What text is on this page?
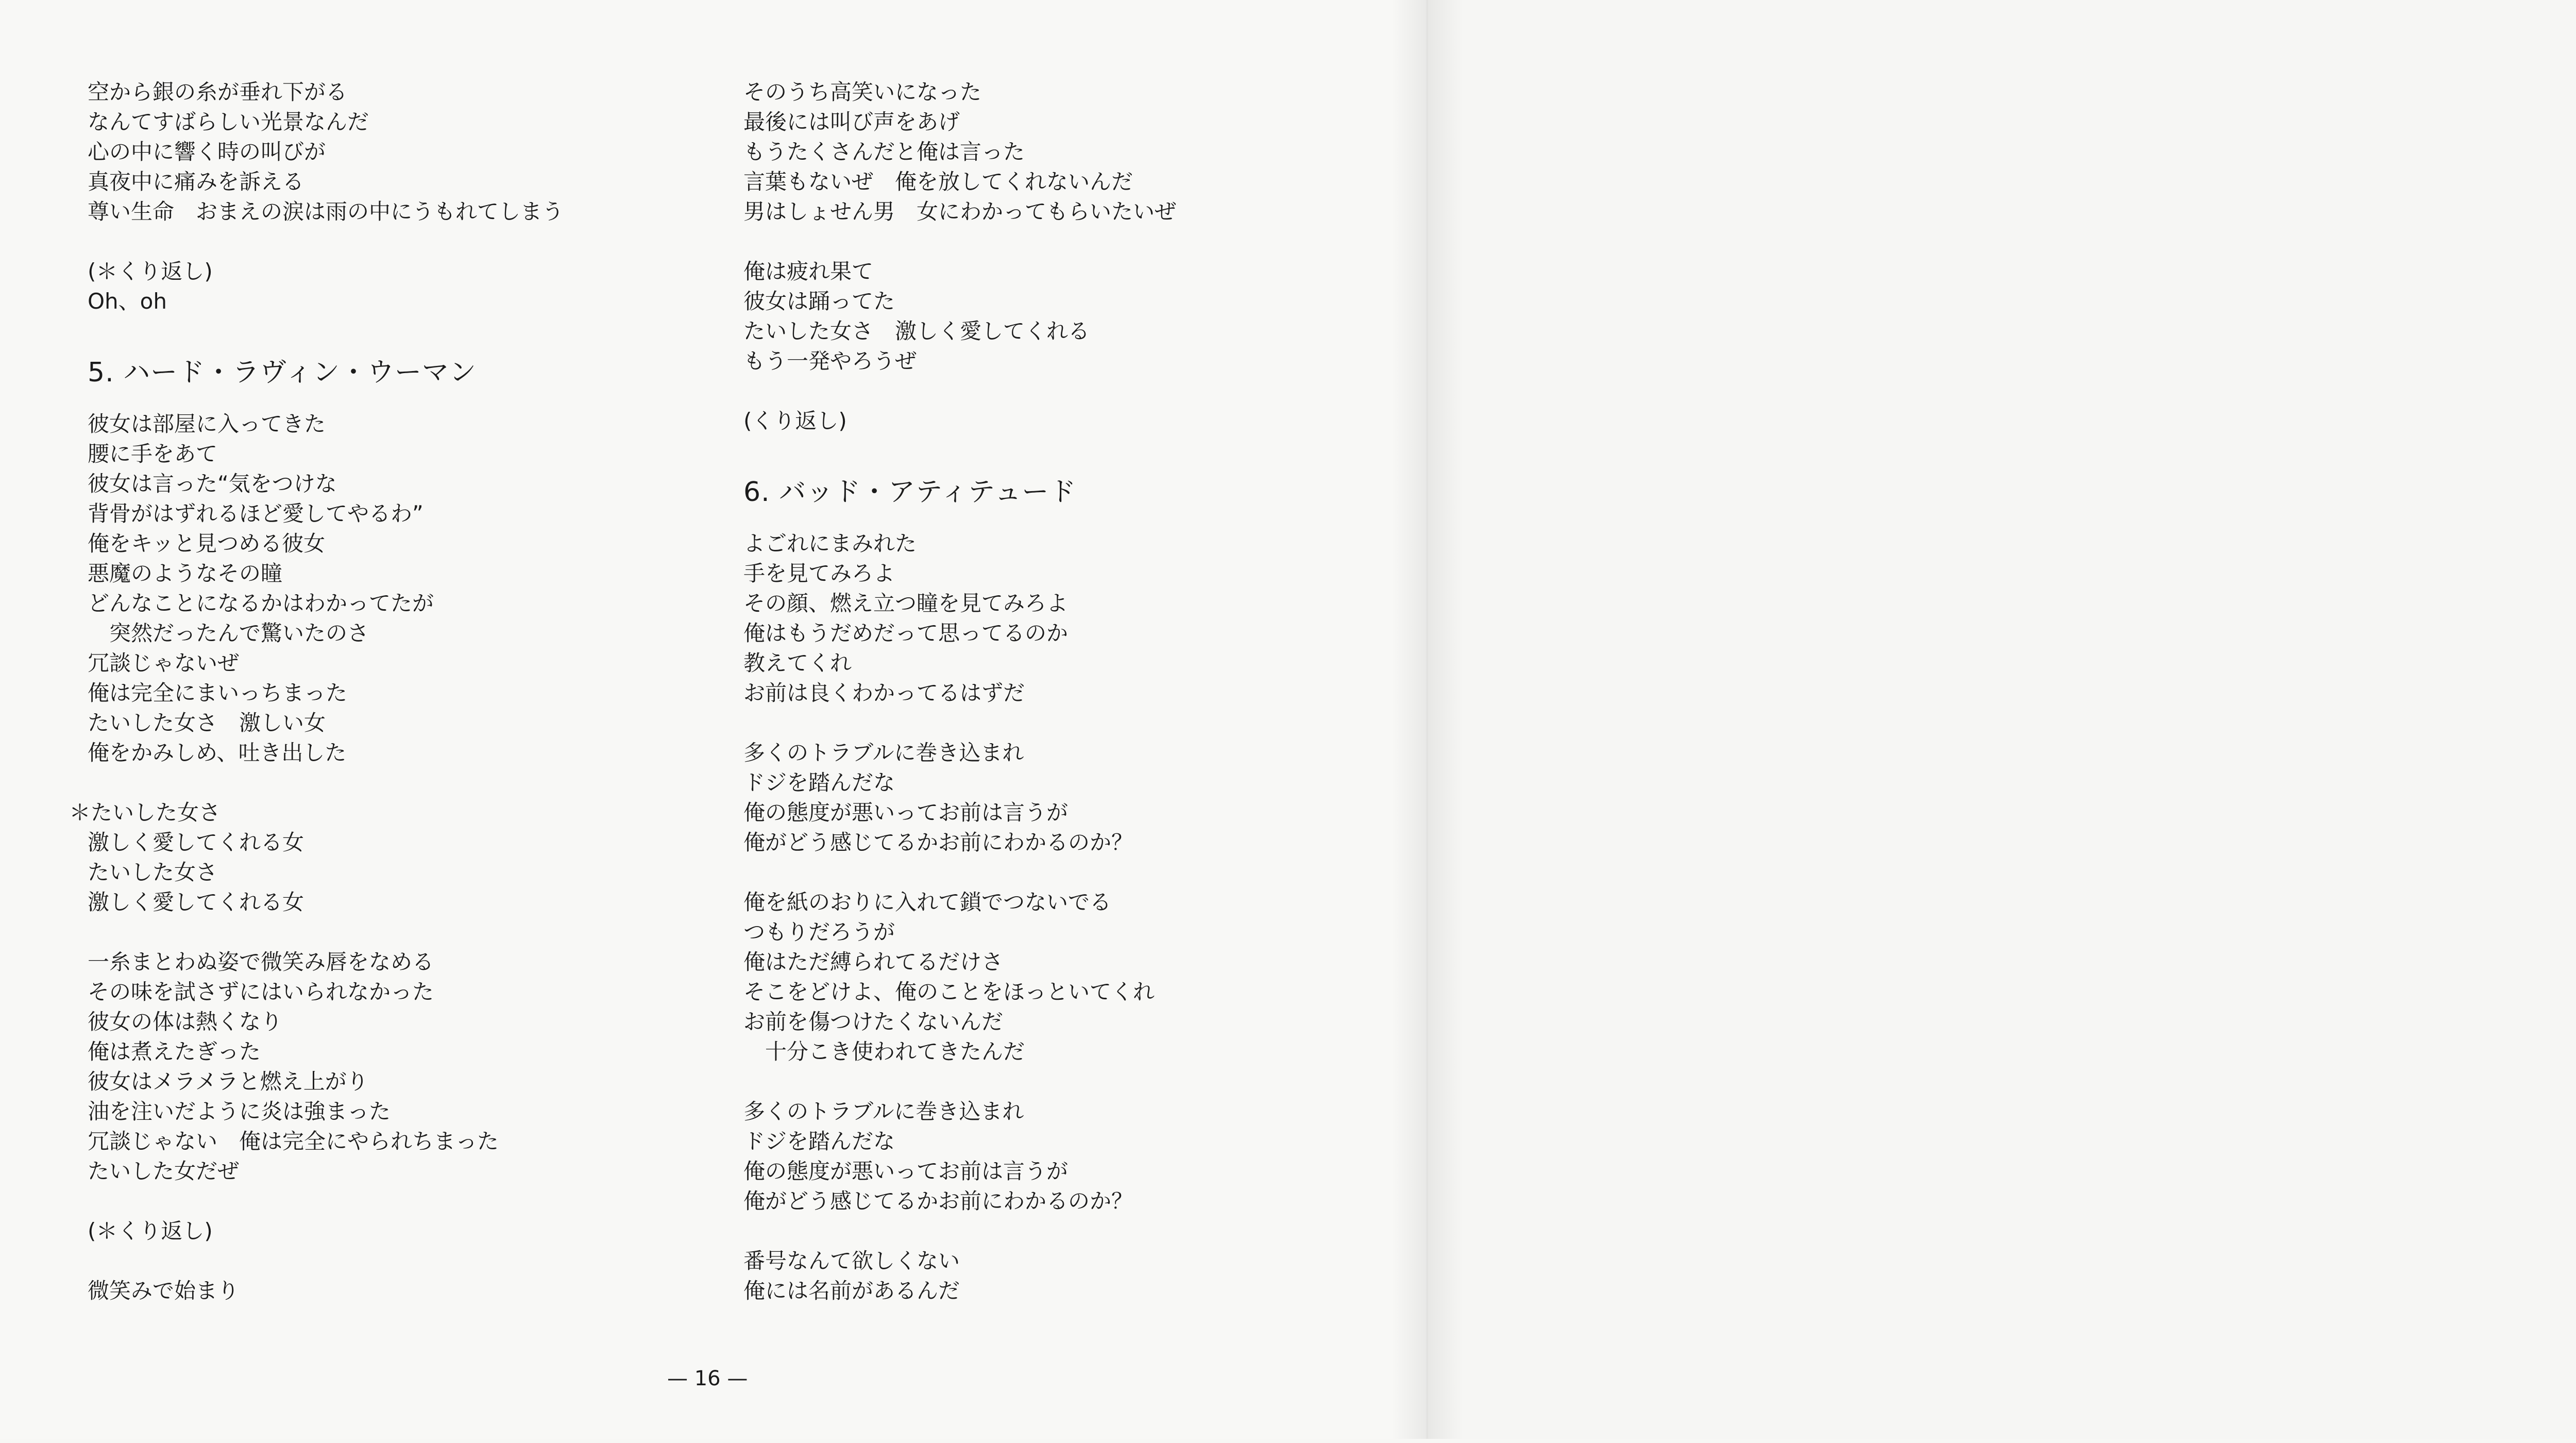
空から銀の糸が垂れ下がる
なんてすばらしい光景なんだ
心の中に響く時の叫びが
真夜中に痛みを訴える
尊い生命　おまえの涙は雨の中にうもれてしまう
(＊くり返し)
Oh、oh
5. ハード・ラヴィン・ウーマン
彼女は部屋に入ってきた
腰に手をあて
彼女は言った“気をつけな
背骨がはずれるほど愛してやるわ”
俺をキッと見つめる彼女
悪魔のようなその瞳
どんなことになるかはわかってたが
　突然だったんで驚いたのさ
冗談じゃないぜ
俺は完全にまいっちまった
たいした女さ　激しい女
俺をかみしめ、吐き出した
＊たいした女さ
激しく愛してくれる女
たいした女さ
激しく愛してくれる女
一糸まとわぬ姿で微笑み唇をなめる
その味を試さずにはいられなかった
彼女の体は熱くなり
俺は煮えたぎった
彼女はメラメラと燃え上がり
油を注いだように炎は強まった
冗談じゃない　俺は完全にやられちまった
たいした女だぜ
(＊くり返し)
微笑みで始まり
そのうち高笑いになった
最後には叫び声をあげ
もうたくさんだと俺は言った
言葉もないぜ　俺を放してくれないんだ
男はしょせん男　女にわかってもらいたいぜ
俺は疲れ果て
彼女は踊ってた
たいした女さ　激しく愛してくれる
もう一発やろうぜ
(くり返し)
6. バッド・アティテュード
よごれにまみれた
手を見てみろよ
その顔、燃え立つ瞳を見てみろよ
俺はもうだめだって思ってるのか
教えてくれ
お前は良くわかってるはずだ
多くのトラブルに巻き込まれ
ドジを踏んだな
俺の態度が悪いってお前は言うが
俺がどう感じてるかお前にわかるのか？
俺を紙のおりに入れて鎖でつないでる
つもりだろうが
俺はただ縛られてるだけさ
そこをどけよ、俺のことをほっといてくれ
お前を傷つけたくないんだ
　十分こき使われてきたんだ
多くのトラブルに巻き込まれ
ドジを踏んだな
俺の態度が悪いってお前は言うが
俺がどう感じてるかお前にわかるのか？
番号なんて欲しくない
俺には名前があるんだ
— 16 —
